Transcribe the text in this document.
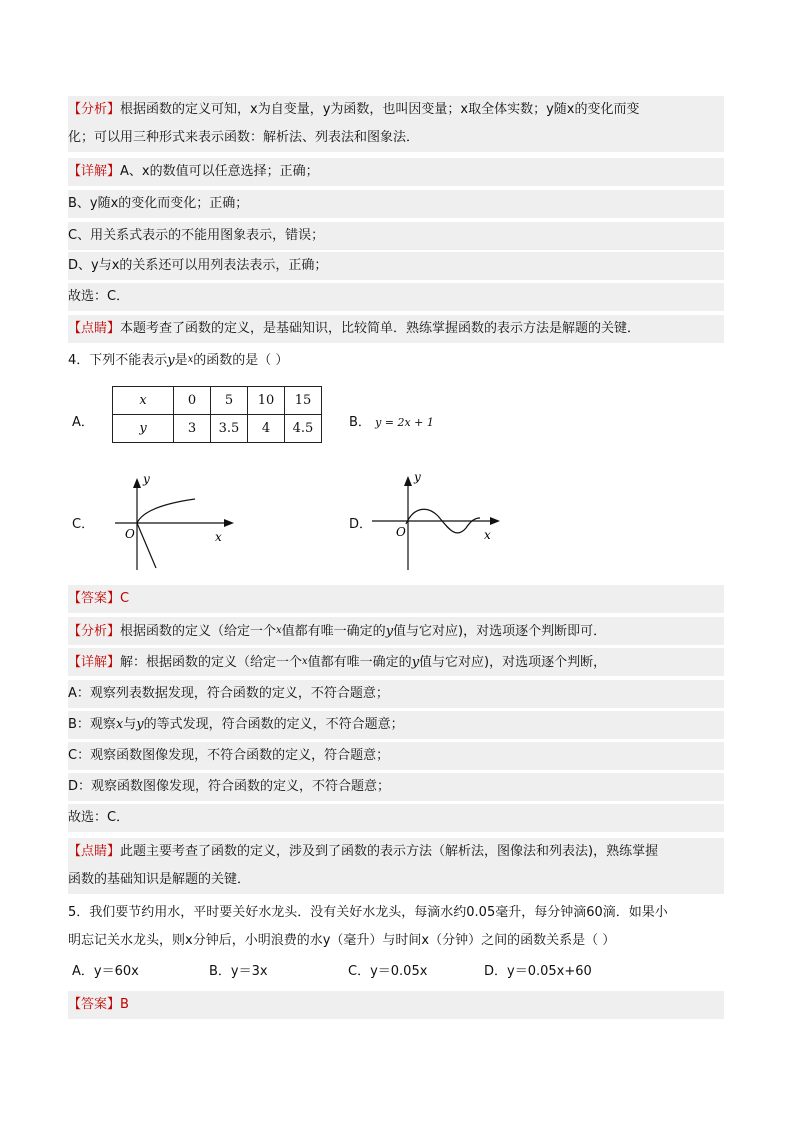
【分析】根据函数的定义可知，x为自变量，y为函数，也叫因变量；x取全体实数；y随x的变化而变
化；可以用三种形式来表示函数：解析法、列表法和图象法．
【详解】A、x的数值可以任意选择；正确；
B、y随x的变化而变化；正确；
C、用关系式表示的不能用图象表示，错误；
D、y与x的关系还可以用列表法表示，正确；
故选：C．
【点睛】本题考查了函数的定义，是基础知识，比较简单．熟练掌握函数的表示方法是解题的关键．
4．下列不能表示y是x的函数的是（ ）
A．
x	0	5	10	15
y	3	3.5	4	4.5	B． y = 2x + 1
C．
y
x
O
D．
y
x
O
【答案】C
【分析】根据函数的定义（给定一个x值都有唯一确定的y值与它对应)，对选项逐个判断即可．
【详解】解：根据函数的定义（给定一个x值都有唯一确定的y值与它对应)，对选项逐个判断，
A：观察列表数据发现，符合函数的定义，不符合题意；
B：观察x与y的等式发现，符合函数的定义，不符合题意；
C：观察函数图像发现，不符合函数的定义，符合题意；
D：观察函数图像发现，符合函数的定义，不符合题意；
故选：C．
【点睛】此题主要考查了函数的定义，涉及到了函数的表示方法（解析法，图像法和列表法)，熟练掌握
函数的基础知识是解题的关键．
5．我们要节约用水，平时要关好水龙头．没有关好水龙头，每滴水约0.05毫升，每分钟滴60滴．如果小
明忘记关水龙头，则x分钟后，小明浪费的水y（毫升）与时间x（分钟）之间的函数关系是（ ）
A．y＝60x	B．y＝3x	C．y＝0.05x	D．y＝0.05x+60
【答案】B
